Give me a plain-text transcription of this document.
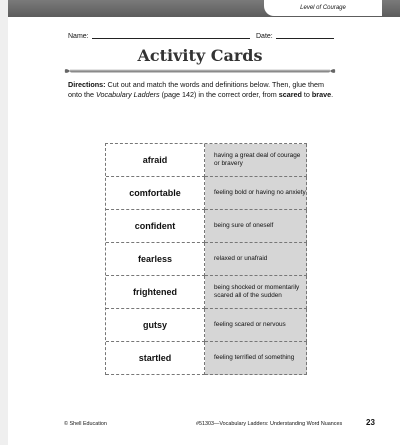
Level of Courage
Name:	Date:
Activity Cards
Directions: Cut out and match the words and definitions below. Then, glue them onto the Vocabulary Ladders (page 142) in the correct order, from scared to brave.
afraid	having a great deal of courage or bravery
comfortable	feeling bold or having no anxiety
confident	being sure of oneself
fearless	relaxed or unafraid
frightened	being shocked or momentarily scared all of the sudden
gutsy	feeling scared or nervous
startled	feeling terrified of something
© Shell Education	#51303—Vocabulary Ladders: Understanding Word Nuances	23
